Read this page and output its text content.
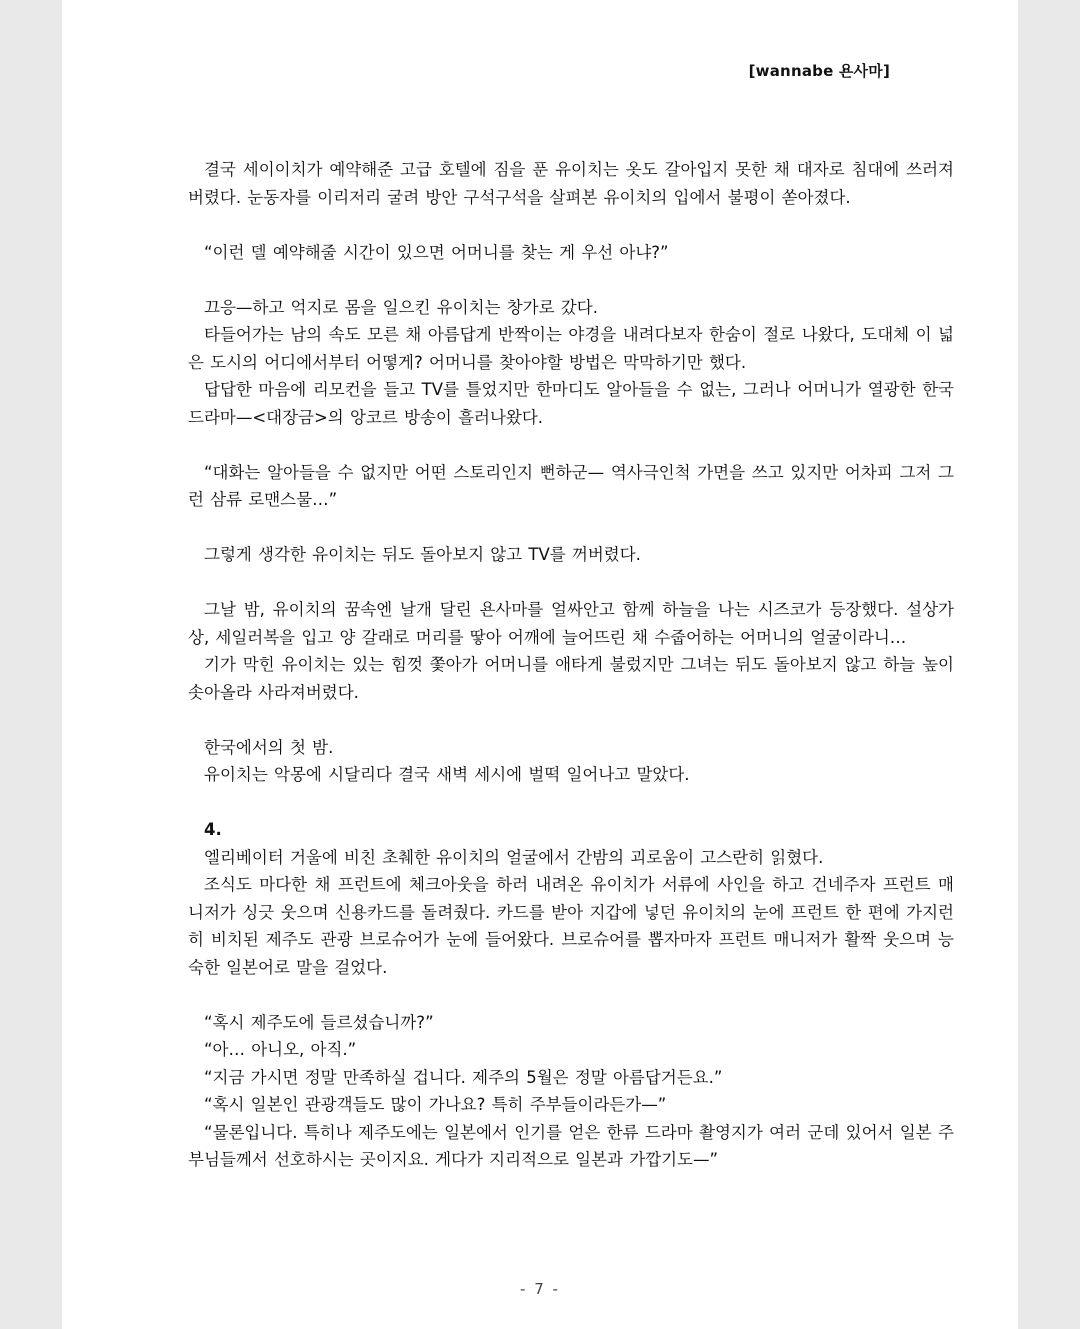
[wannabe 욘사마]

결국 세이이치가 예약해준 고급 호텔에 짐을 푼 유이치는 옷도 갈아입지 못한 채 대자로 침대에 쓰러져버렸다. 눈동자를 이리저리 굴려 방안 구석구석을 살펴본 유이치의 입에서 불평이 쏟아졌다.

“이런 델 예약해줄 시간이 있으면 어머니를 찾는 게 우선 아냐?”

끄응—하고 억지로 몸을 일으킨 유이치는 창가로 갔다.

타들어가는 남의 속도 모른 채 아름답게 반짝이는 야경을 내려다보자 한숨이 절로 나왔다, 도대체 이 넓은 도시의 어디에서부터 어떻게? 어머니를 찾아야할 방법은 막막하기만 했다.

답답한 마음에 리모컨을 들고 TV를 틀었지만 한마디도 알아들을 수 없는, 그러나 어머니가 열광한 한국 드라마—<대장금>의 앙코르 방송이 흘러나왔다.

“대화는 알아들을 수 없지만 어떤 스토리인지 뻔하군— 역사극인척 가면을 쓰고 있지만 어차피 그저 그런 삼류 로맨스물…”

그렇게 생각한 유이치는 뒤도 돌아보지 않고 TV를 꺼버렸다.

그날 밤, 유이치의 꿈속엔 날개 달린 욘사마를 얼싸안고 함께 하늘을 나는 시즈코가 등장했다. 설상가상, 세일러복을 입고 양 갈래로 머리를 땋아 어깨에 늘어뜨린 채 수줍어하는 어머니의 얼굴이라니…

기가 막힌 유이치는 있는 힘껏 쫓아가 어머니를 애타게 불렀지만 그녀는 뒤도 돌아보지 않고 하늘 높이 솟아올라 사라져버렸다.

한국에서의 첫 밤.

유이치는 악몽에 시달리다 결국 새벽 세시에 벌떡 일어나고 말았다.

4.

엘리베이터 거울에 비친 초췌한 유이치의 얼굴에서 간밤의 괴로움이 고스란히 읽혔다.

조식도 마다한 채 프런트에 체크아웃을 하러 내려온 유이치가 서류에 사인을 하고 건네주자 프런트 매니저가 싱긋 웃으며 신용카드를 돌려줬다. 카드를 받아 지갑에 넣던 유이치의 눈에 프런트 한 편에 가지런히 비치된 제주도 관광 브로슈어가 눈에 들어왔다. 브로슈어를 뽑자마자 프런트 매니저가 활짝 웃으며 능숙한 일본어로 말을 걸었다.

“혹시 제주도에 들르셨습니까?”

“아… 아니오, 아직.”

“지금 가시면 정말 만족하실 겁니다. 제주의 5월은 정말 아름답거든요.”

“혹시 일본인 관광객들도 많이 가나요? 특히 주부들이라든가—”

“물론입니다. 특히나 제주도에는 일본에서 인기를 얻은 한류 드라마 촬영지가 여러 군데 있어서 일본 주부님들께서 선호하시는 곳이지요. 게다가 지리적으로 일본과 가깝기도—”

- 7 -
